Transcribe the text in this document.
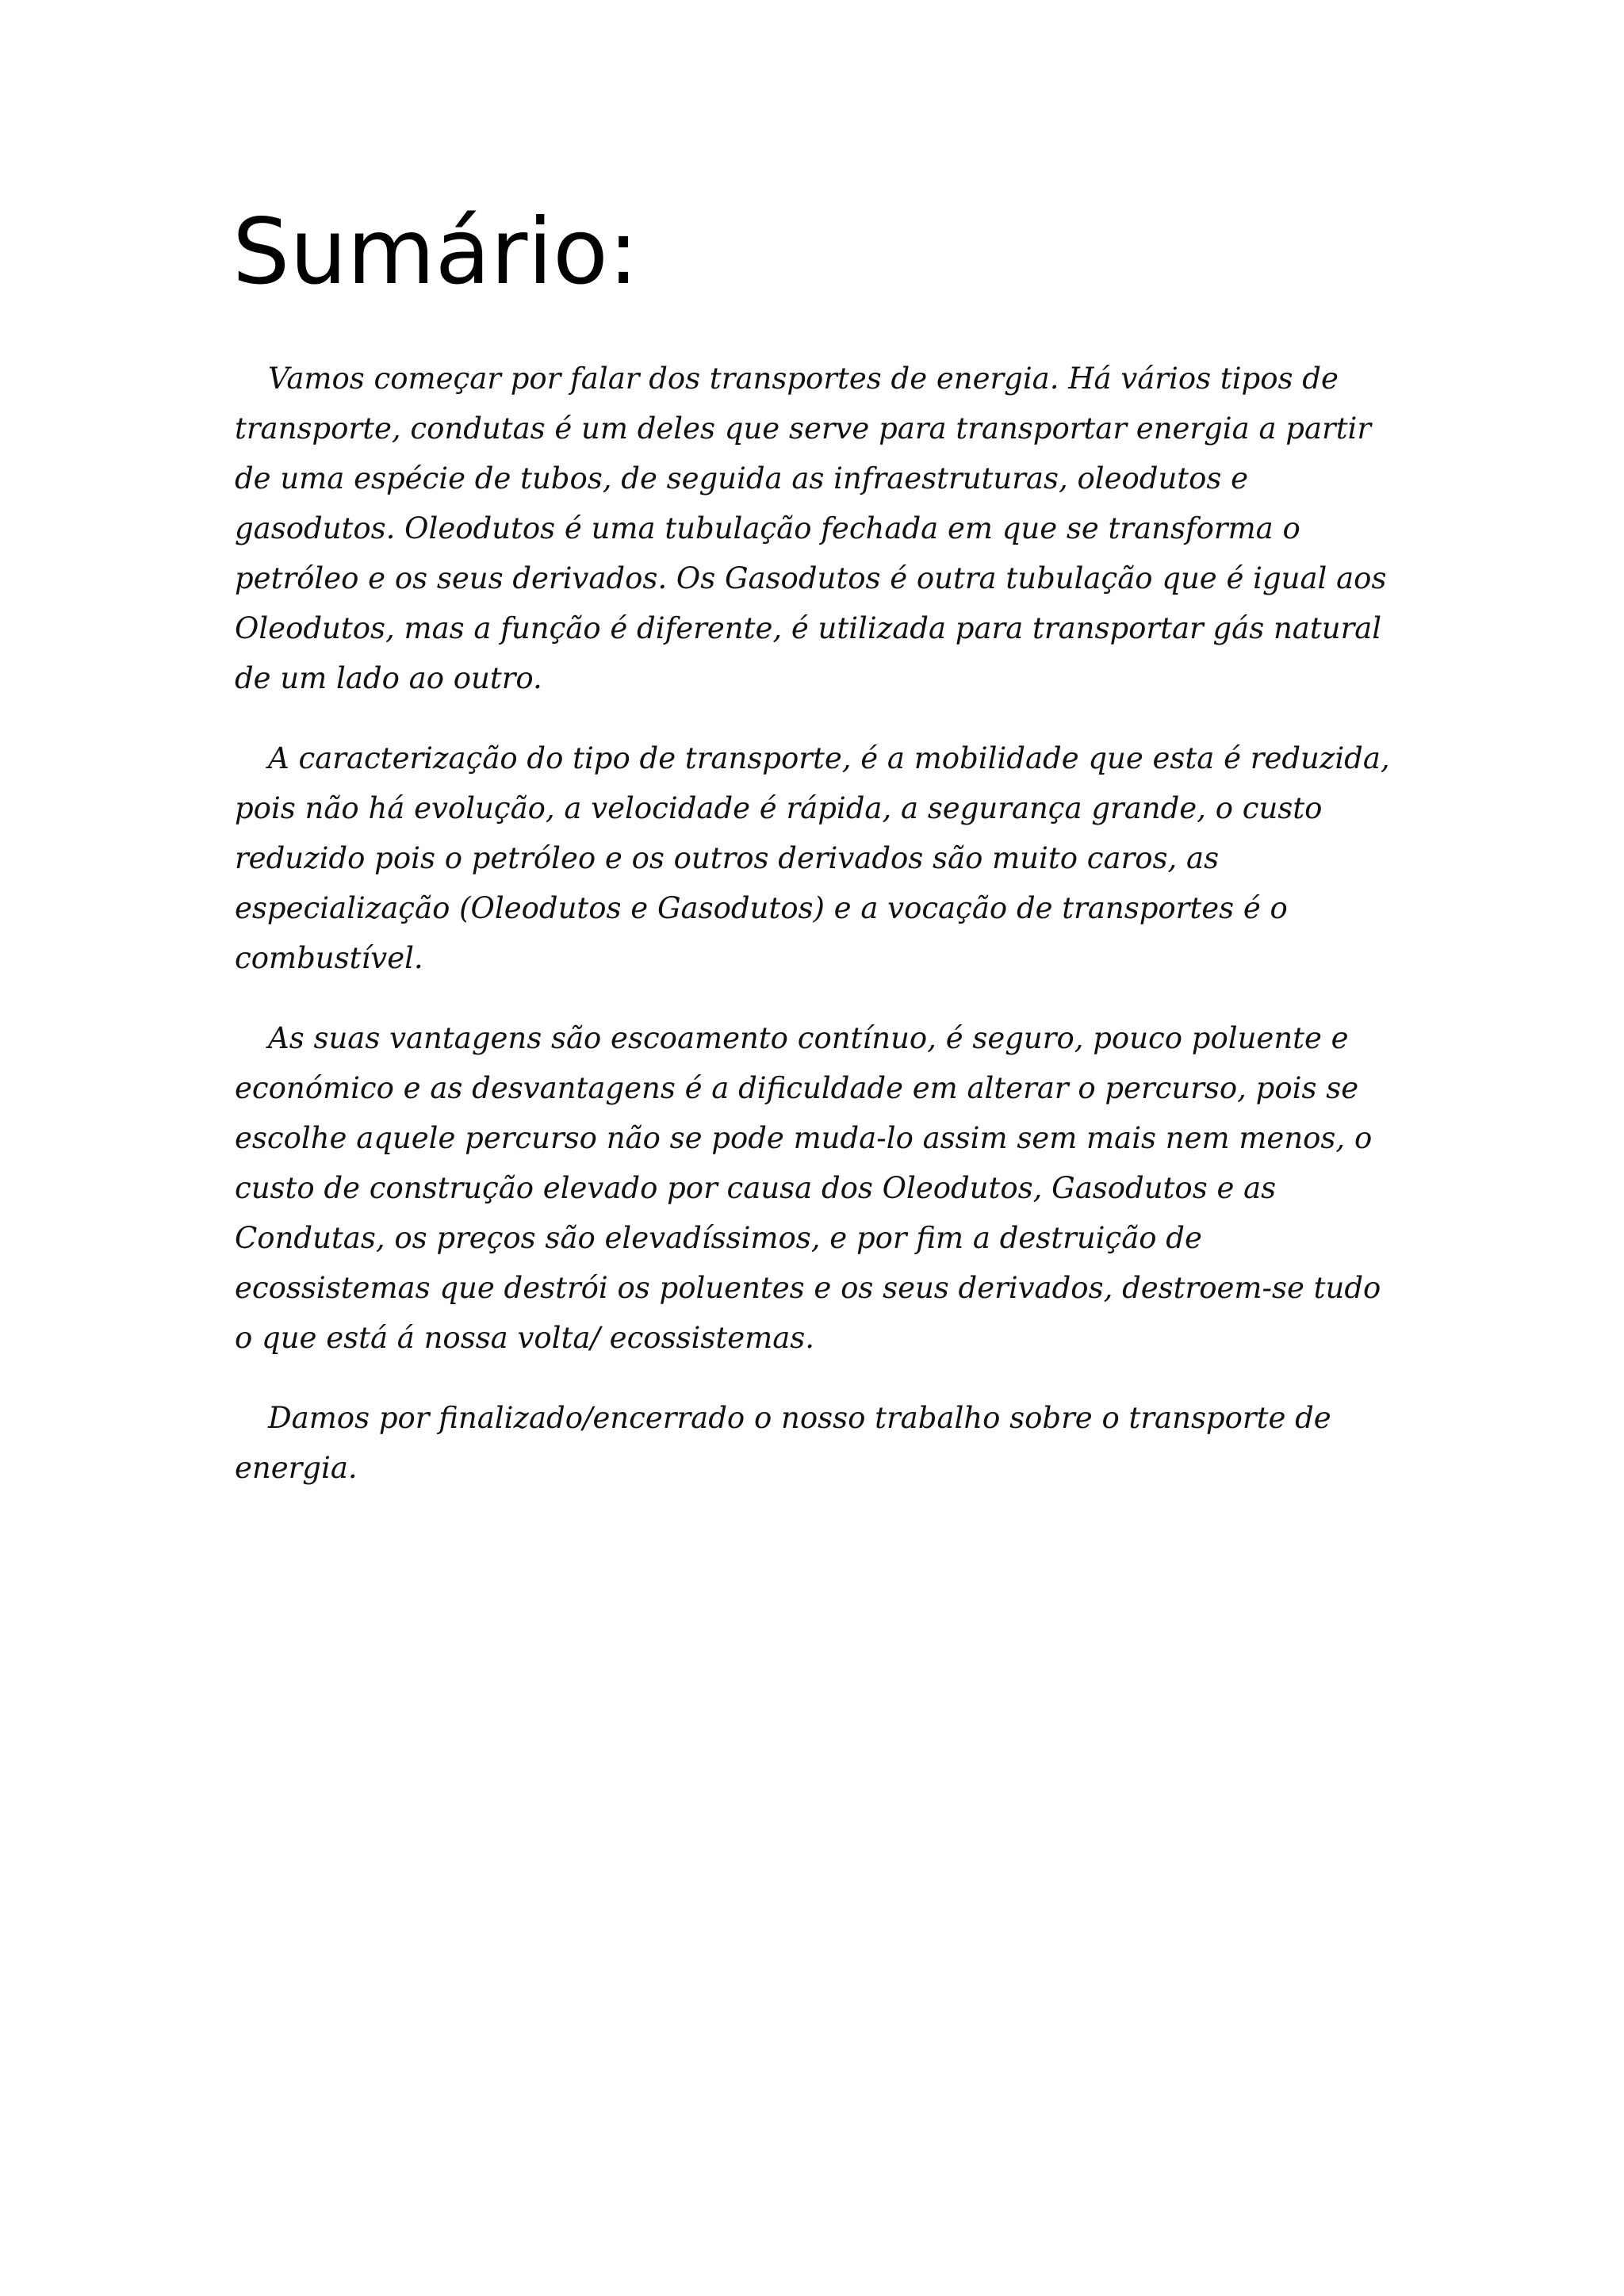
Sumário:

Vamos começar por falar dos transportes de energia. Há vários tipos de transporte, condutas é um deles que serve para transportar energia a partir de uma espécie de tubos, de seguida as infraestruturas, oleodutos e gasodutos. Oleodutos é uma tubulação fechada em que se transforma o petróleo e os seus derivados. Os Gasodutos é outra tubulação que é igual aos Oleodutos, mas a função é diferente, é utilizada para transportar gás natural de um lado ao outro.

A caracterização do tipo de transporte, é a mobilidade que esta é reduzida, pois não há evolução, a velocidade é rápida, a segurança grande, o custo reduzido pois o petróleo e os outros derivados são muito caros, as especialização (Oleodutos e Gasodutos) e a vocação de transportes é o combustível.

As suas vantagens são escoamento contínuo, é seguro, pouco poluente e económico e as desvantagens é a dificuldade em alterar o percurso, pois se escolhe aquele percurso não se pode muda-lo assim sem mais nem menos, o custo de construção elevado por causa dos Oleodutos, Gasodutos e as Condutas, os preços são elevadíssimos, e por fim a destruição de ecossistemas que destrói os poluentes e os seus derivados, destroem-se tudo o que está á nossa volta/ ecossistemas.

Damos por finalizado/encerrado o nosso trabalho sobre o transporte de energia.
